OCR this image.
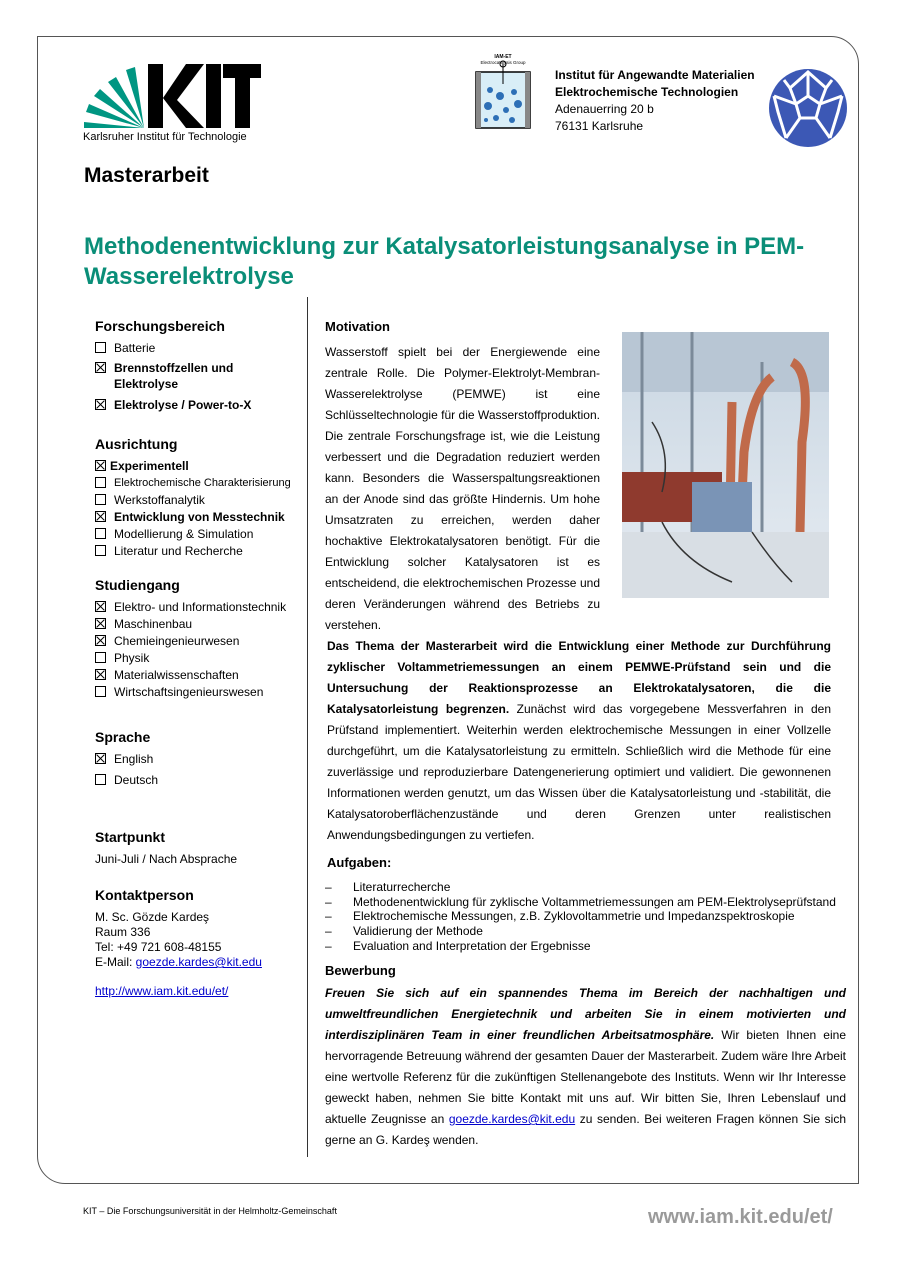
Karlsruher Institut für Technologie
IAM-ET
Electrocatalysis Group
Institut für Angewandte Materialien
Elektrochemische Technologien
Adenauerring 20 b
76131 Karlsruhe
Masterarbeit
Methodenentwicklung zur Katalysatorleistungsanalyse in PEM-Wasserelektrolyse
Forschungsbereich
Batterie
Brennstoffzellen und Elektrolyse
Elektrolyse / Power-to-X
Ausrichtung
Experimentell
Elektrochemische Charakterisierung
Werkstoffanalytik
Entwicklung von Messtechnik
Modellierung & Simulation
Literatur und Recherche
Studiengang
Elektro- und Informationstechnik
Maschinenbau
Chemieingenieurwesen
Physik
Materialwissenschaften
Wirtschaftsingenieurswesen
Sprache
English
Deutsch
Startpunkt
Juni-Juli / Nach Absprache
Kontaktperson
M. Sc. Gözde Kardeş
Raum 336
Tel: +49 721 608-48155
E-Mail: goezde.kardes@kit.edu
http://www.iam.kit.edu/et/
Motivation
Wasserstoff spielt bei der Energiewende eine zentrale Rolle. Die Polymer-Elektrolyt-Membran-Wasserelektrolyse (PEMWE) ist eine Schlüsseltechnologie für die Wasserstoffproduktion. Die zentrale Forschungsfrage ist, wie die Leistung verbessert und die Degradation reduziert werden kann. Besonders die Wasserspaltungsreaktionen an der Anode sind das größte Hindernis. Um hohe Umsatzraten zu erreichen, werden daher hochaktive Elektrokatalysatoren benötigt. Für die Entwicklung solcher Katalysatoren ist es entscheidend, die elektrochemischen Prozesse und deren Veränderungen während des Betriebs zu verstehen.
Das Thema der Masterarbeit wird die Entwicklung einer Methode zur Durchführung zyklischer Voltammetriemessungen an einem PEMWE-Prüfstand sein und die Untersuchung der Reaktionsprozesse an Elektrokatalysatoren, die die Katalysatorleistung begrenzen. Zunächst wird das vorgegebene Messverfahren in den Prüfstand implementiert. Weiterhin werden elektrochemische Messungen in einer Vollzelle durchgeführt, um die Katalysatorleistung zu ermitteln. Schließlich wird die Methode für eine zuverlässige und reproduzierbare Datengenerierung optimiert und validiert. Die gewonnenen Informationen werden genutzt, um das Wissen über die Katalysatorleistung und -stabilität, die Katalysatoroberflächenzustände und deren Grenzen unter realistischen Anwendungsbedingungen zu vertiefen.
Aufgaben:
–	Literaturrecherche
–	Methodenentwicklung für zyklische Voltammetriemessungen am PEM-Elektrolyseprüfstand
–	Elektrochemische Messungen, z.B. Zyklovoltammetrie und Impedanzspektroskopie
–	Validierung der Methode
–	Evaluation and Interpretation der Ergebnisse
Bewerbung
Freuen Sie sich auf ein spannendes Thema im Bereich der nachhaltigen und umweltfreundlichen Energietechnik und arbeiten Sie in einem motivierten und interdisziplinären Team in einer freundlichen Arbeitsatmosphäre. Wir bieten Ihnen eine hervorragende Betreuung während der gesamten Dauer der Masterarbeit. Zudem wäre Ihre Arbeit eine wertvolle Referenz für die zukünftigen Stellenangebote des Instituts. Wenn wir Ihr Interesse geweckt haben, nehmen Sie bitte Kontakt mit uns auf. Wir bitten Sie, Ihren Lebenslauf und aktuelle Zeugnisse an goezde.kardes@kit.edu zu senden. Bei weiteren Fragen können Sie sich gerne an G. Kardeş wenden.
KIT – Die Forschungsuniversität in der Helmholtz-Gemeinschaft	www.iam.kit.edu/et/
